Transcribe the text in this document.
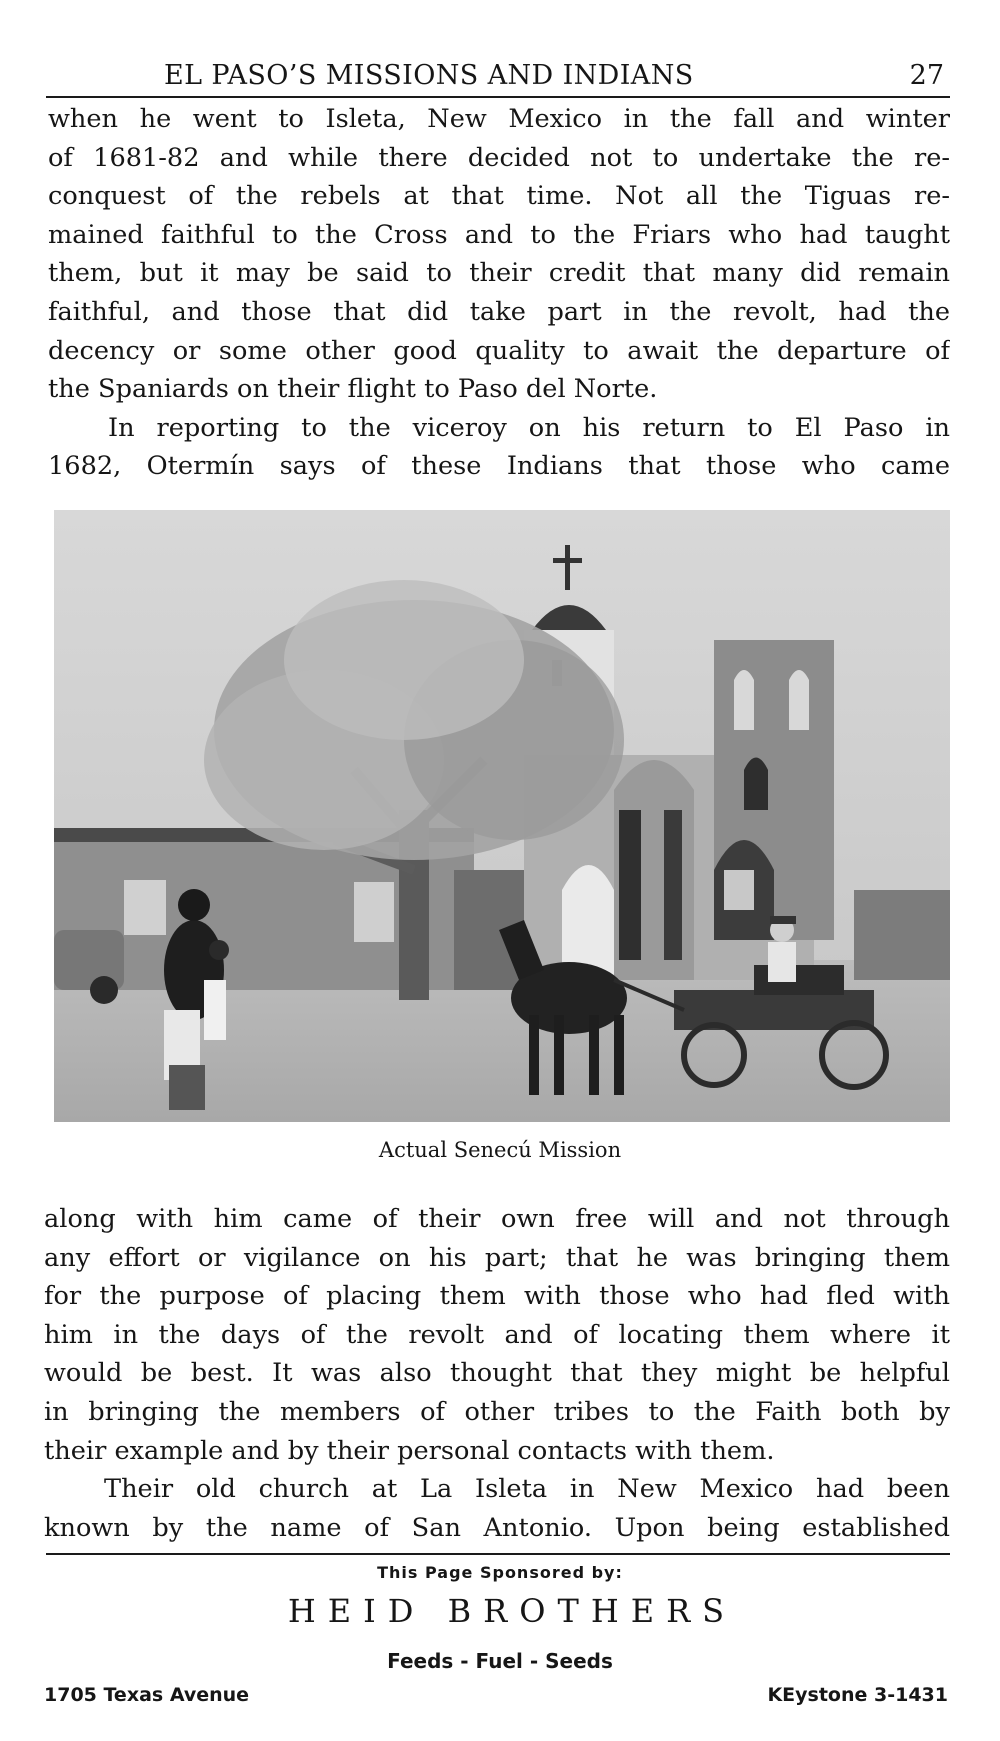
EL PASO’S MISSIONS AND INDIANS	27
when he went to Isleta, New Mexico in the fall and winter
of 1681-82 and while there decided not to undertake the re-
conquest of the rebels at that time. Not all the Tiguas re-
mained faithful to the Cross and to the Friars who had taught
them, but it may be said to their credit that many did remain
faithful, and those that did take part in the revolt, had the
decency or some other good quality to await the departure of
the Spaniards on their flight to Paso del Norte.
In reporting to the viceroy on his return to El Paso in
1682, Otermín says of these Indians that those who came
Actual Senecú Mission
along with him came of their own free will and not through
any effort or vigilance on his part; that he was bringing them
for the purpose of placing them with those who had fled with
him in the days of the revolt and of locating them where it
would be best. It was also thought that they might be helpful
in bringing the members of other tribes to the Faith both by
their example and by their personal contacts with them.
Their old church at La Isleta in New Mexico had been
known by the name of San Antonio. Upon being established
This Page Sponsored by:
HEID BROTHERS
Feeds - Fuel - Seeds
1705 Texas Avenue	KEystone 3-1431
